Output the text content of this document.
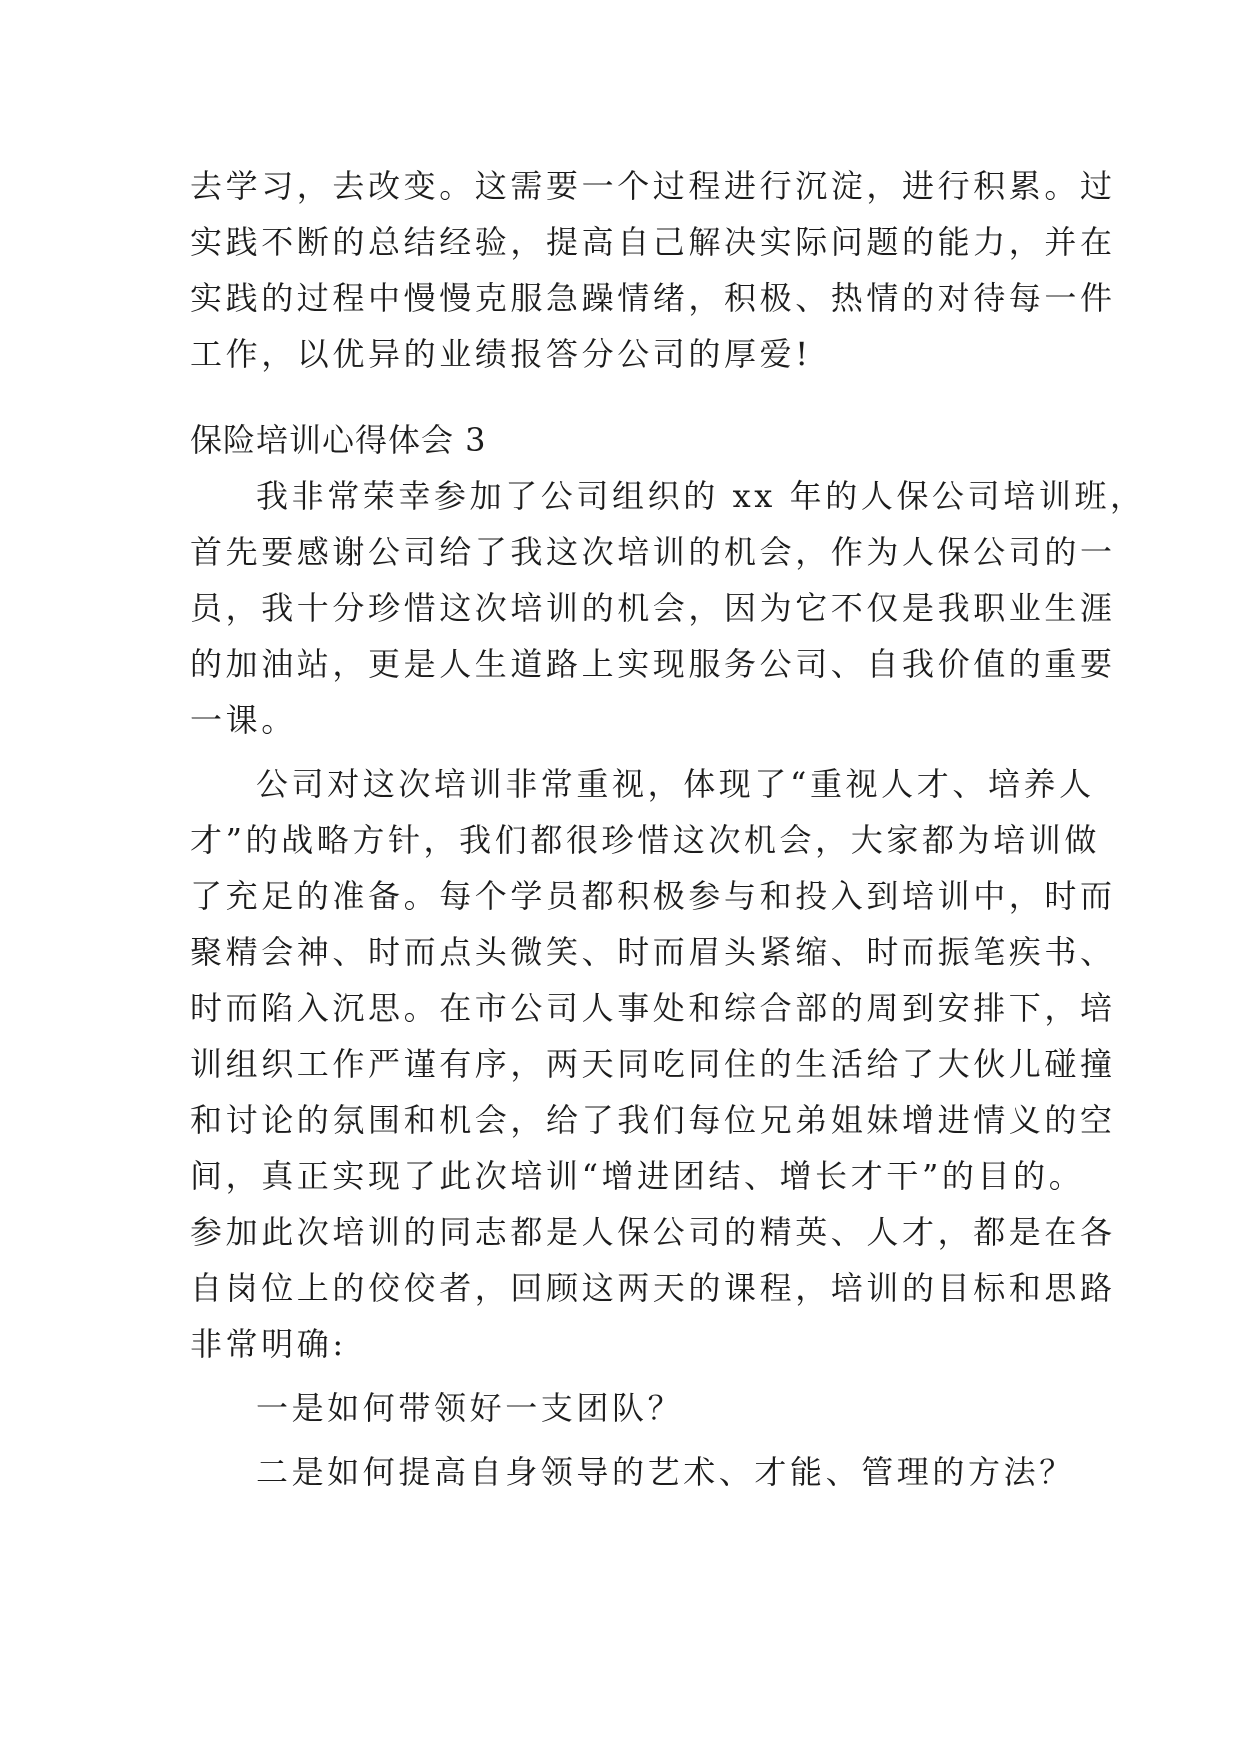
去学习，去改变。这需要一个过程进行沉淀，进行积累。过
实践不断的总结经验，提高自己解决实际问题的能力，并在
实践的过程中慢慢克服急躁情绪，积极、热情的对待每一件
工作，以优异的业绩报答分公司的厚爱!
保险培训心得体会 3
我非常荣幸参加了公司组织的 xx 年的人保公司培训班，
首先要感谢公司给了我这次培训的机会，作为人保公司的一
员，我十分珍惜这次培训的机会，因为它不仅是我职业生涯
的加油站，更是人生道路上实现服务公司、自我价值的重要
一课。
公司对这次培训非常重视，体现了“重视人才、培养人
才”的战略方针，我们都很珍惜这次机会，大家都为培训做
了充足的准备。每个学员都积极参与和投入到培训中，时而
聚精会神、时而点头微笑、时而眉头紧缩、时而振笔疾书、
时而陷入沉思。在市公司人事处和综合部的周到安排下，培
训组织工作严谨有序，两天同吃同住的生活给了大伙儿碰撞
和讨论的氛围和机会，给了我们每位兄弟姐妹增进情义的空
间，真正实现了此次培训“增进团结、增长才干”的目的。
参加此次培训的同志都是人保公司的精英、人才，都是在各
自岗位上的佼佼者，回顾这两天的课程，培训的目标和思路
非常明确:
一是如何带领好一支团队？
二是如何提高自身领导的艺术、才能、管理的方法？
